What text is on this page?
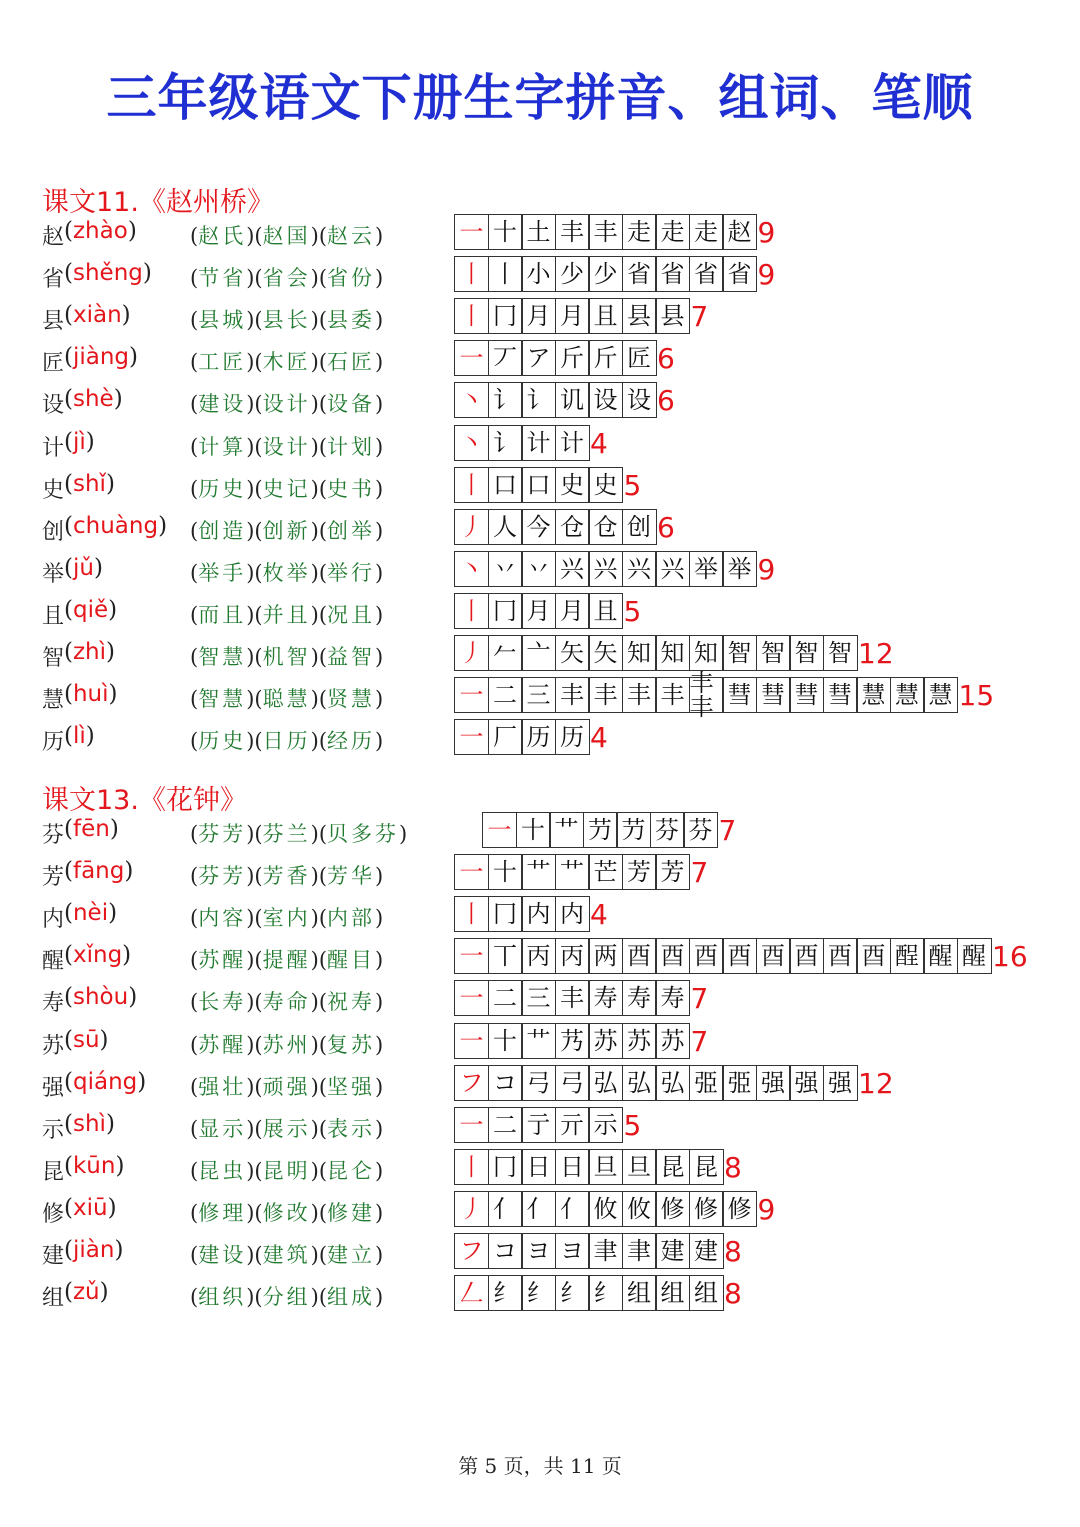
三年级语文下册生字拼音、组词、笔顺
课文11.《赵州桥》
赵 (zhào)	(赵氏)(赵国)(赵云)	一 十 土 丰 丰 走 走 走 赵 9
省 (shěng) (节省)(省会)(省份)	丨 丨 小 少 少 省 省 省 省 9
县 (xiàn)	(县城)(县长)(县委)	丨 冂 月 月 且 县 县 7
匠 (jiàng) (工匠)(木匠)(石匠)	一 丆 ア 斤 斤 匠 6
设 (shè)	(建设)(设计)(设备)	丶 讠 讠 讥 设 设 6
计 (jì)	(计算)(设计)(计划)	丶 讠 计 计 4
史 (shǐ)	(历史)(史记)(史书)	丨 口 口 史 史 5
创 (chuàng) (创造)(创新)(创举)	丿 人 今 仓 仓 创 6
举 (jǔ)	(举手)(枚举)(举行)	丶 丷 丷 兴 兴 兴 兴 举 举 9
且 (qiě)	(而且)(并且)(况且)	丨 冂 月 月 且 5
智 (zhì)	(智慧)(机智)(益智)	丿 𠂉 亠 矢 矢 知 知 知 智 智 智 智 12
慧 (huì)	(智慧)(聪慧)(贤慧)	一 二 三 丰 丰 丰 丰 丰丰 彗 彗 彗 彗 慧 慧 慧 15
历 (lì)	(历史)(日历)(经历)	一 厂 历 历 4
课文13.《花钟》
芬 (fēn)	(芬芳)(芬兰)(贝多芬)	一 十 艹 芀 芀 芬 芬 7
芳 (fāng)	(芬芳)(芳香)(芳华)	一 十 艹 艹 芒 芳 芳 7
内 (nèi)	(内容)(室内)(内部)	丨 冂 内 内 4
醒 (xǐng)	(苏醒)(提醒)(醒目)	一 丅 丙 丙 两 酉 酉 酉 酉 酉 酉 酉 酉 酲 醒 醒 16
寿 (shòu)	(长寿)(寿命)(祝寿)	一 二 三 丰 寿 寿 寿 7
苏 (sū)	(苏醒)(苏州)(复苏)	一 十 艹 艿 苏 苏 苏 7
强 (qiáng) (强壮)(顽强)(坚强)	フ コ 弓 弓 弘 弘 弘 弫 弫 强 强 强 12
示 (shì)	(显示)(展示)(表示)	一 二 亍 亓 示 5
昆 (kūn)	(昆虫)(昆明)(昆仑)	丨 冂 日 日 旦 旦 昆 昆 8
修 (xiū)	(修理)(修改)(修建)	丿 亻 亻 亻 攸 攸 修 修 修 9
建 (jiàn)	(建设)(建筑)(建立)	フ コ ヨ ヨ 聿 聿 建 建 8
组 (zǔ)	(组织)(分组)(组成)	𠃋 纟 纟 纟 纟 组 组 组 8
第 5 页，共 11 页
